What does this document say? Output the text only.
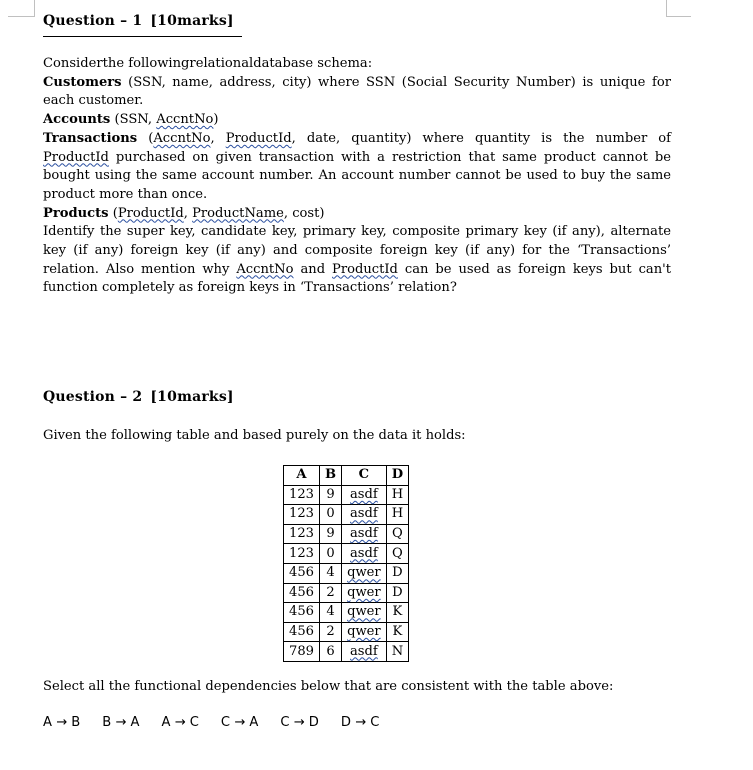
Question – 1 [10marks]
Considerthe followingrelationaldatabase schema:
Customers (SSN, name, address, city) where SSN (Social Security Number) is unique for each customer.
Accounts (SSN, AccntNo)
Transactions (AccntNo, ProductId, date, quantity) where quantity is the number of ProductId purchased on given transaction with a restriction that same product cannot be bought using the same account number. An account number cannot be used to buy the same product more than once.
Products (ProductId, ProductName, cost)
Identify the super key, candidate key, primary key, composite primary key (if any), alternate key (if any) foreign key (if any) and composite foreign key (if any) for the ‘Transactions’ relation. Also mention why AccntNo and ProductId can be used as foreign keys but can't function completely as foreign keys in ‘Transactions’ relation?
Question – 2 [10marks]
Given the following table and based purely on the data it holds:
A	B	C	D
123	9	asdf	H
123	0	asdf	H
123	9	asdf	Q
123	0	asdf	Q
456	4	qwer	D
456	2	qwer	D
456	4	qwer	K
456	2	qwer	K
789	6	asdf	N
Select all the functional dependencies below that are consistent with the table above:
A → B B → A A → C C → A C → D D → C
